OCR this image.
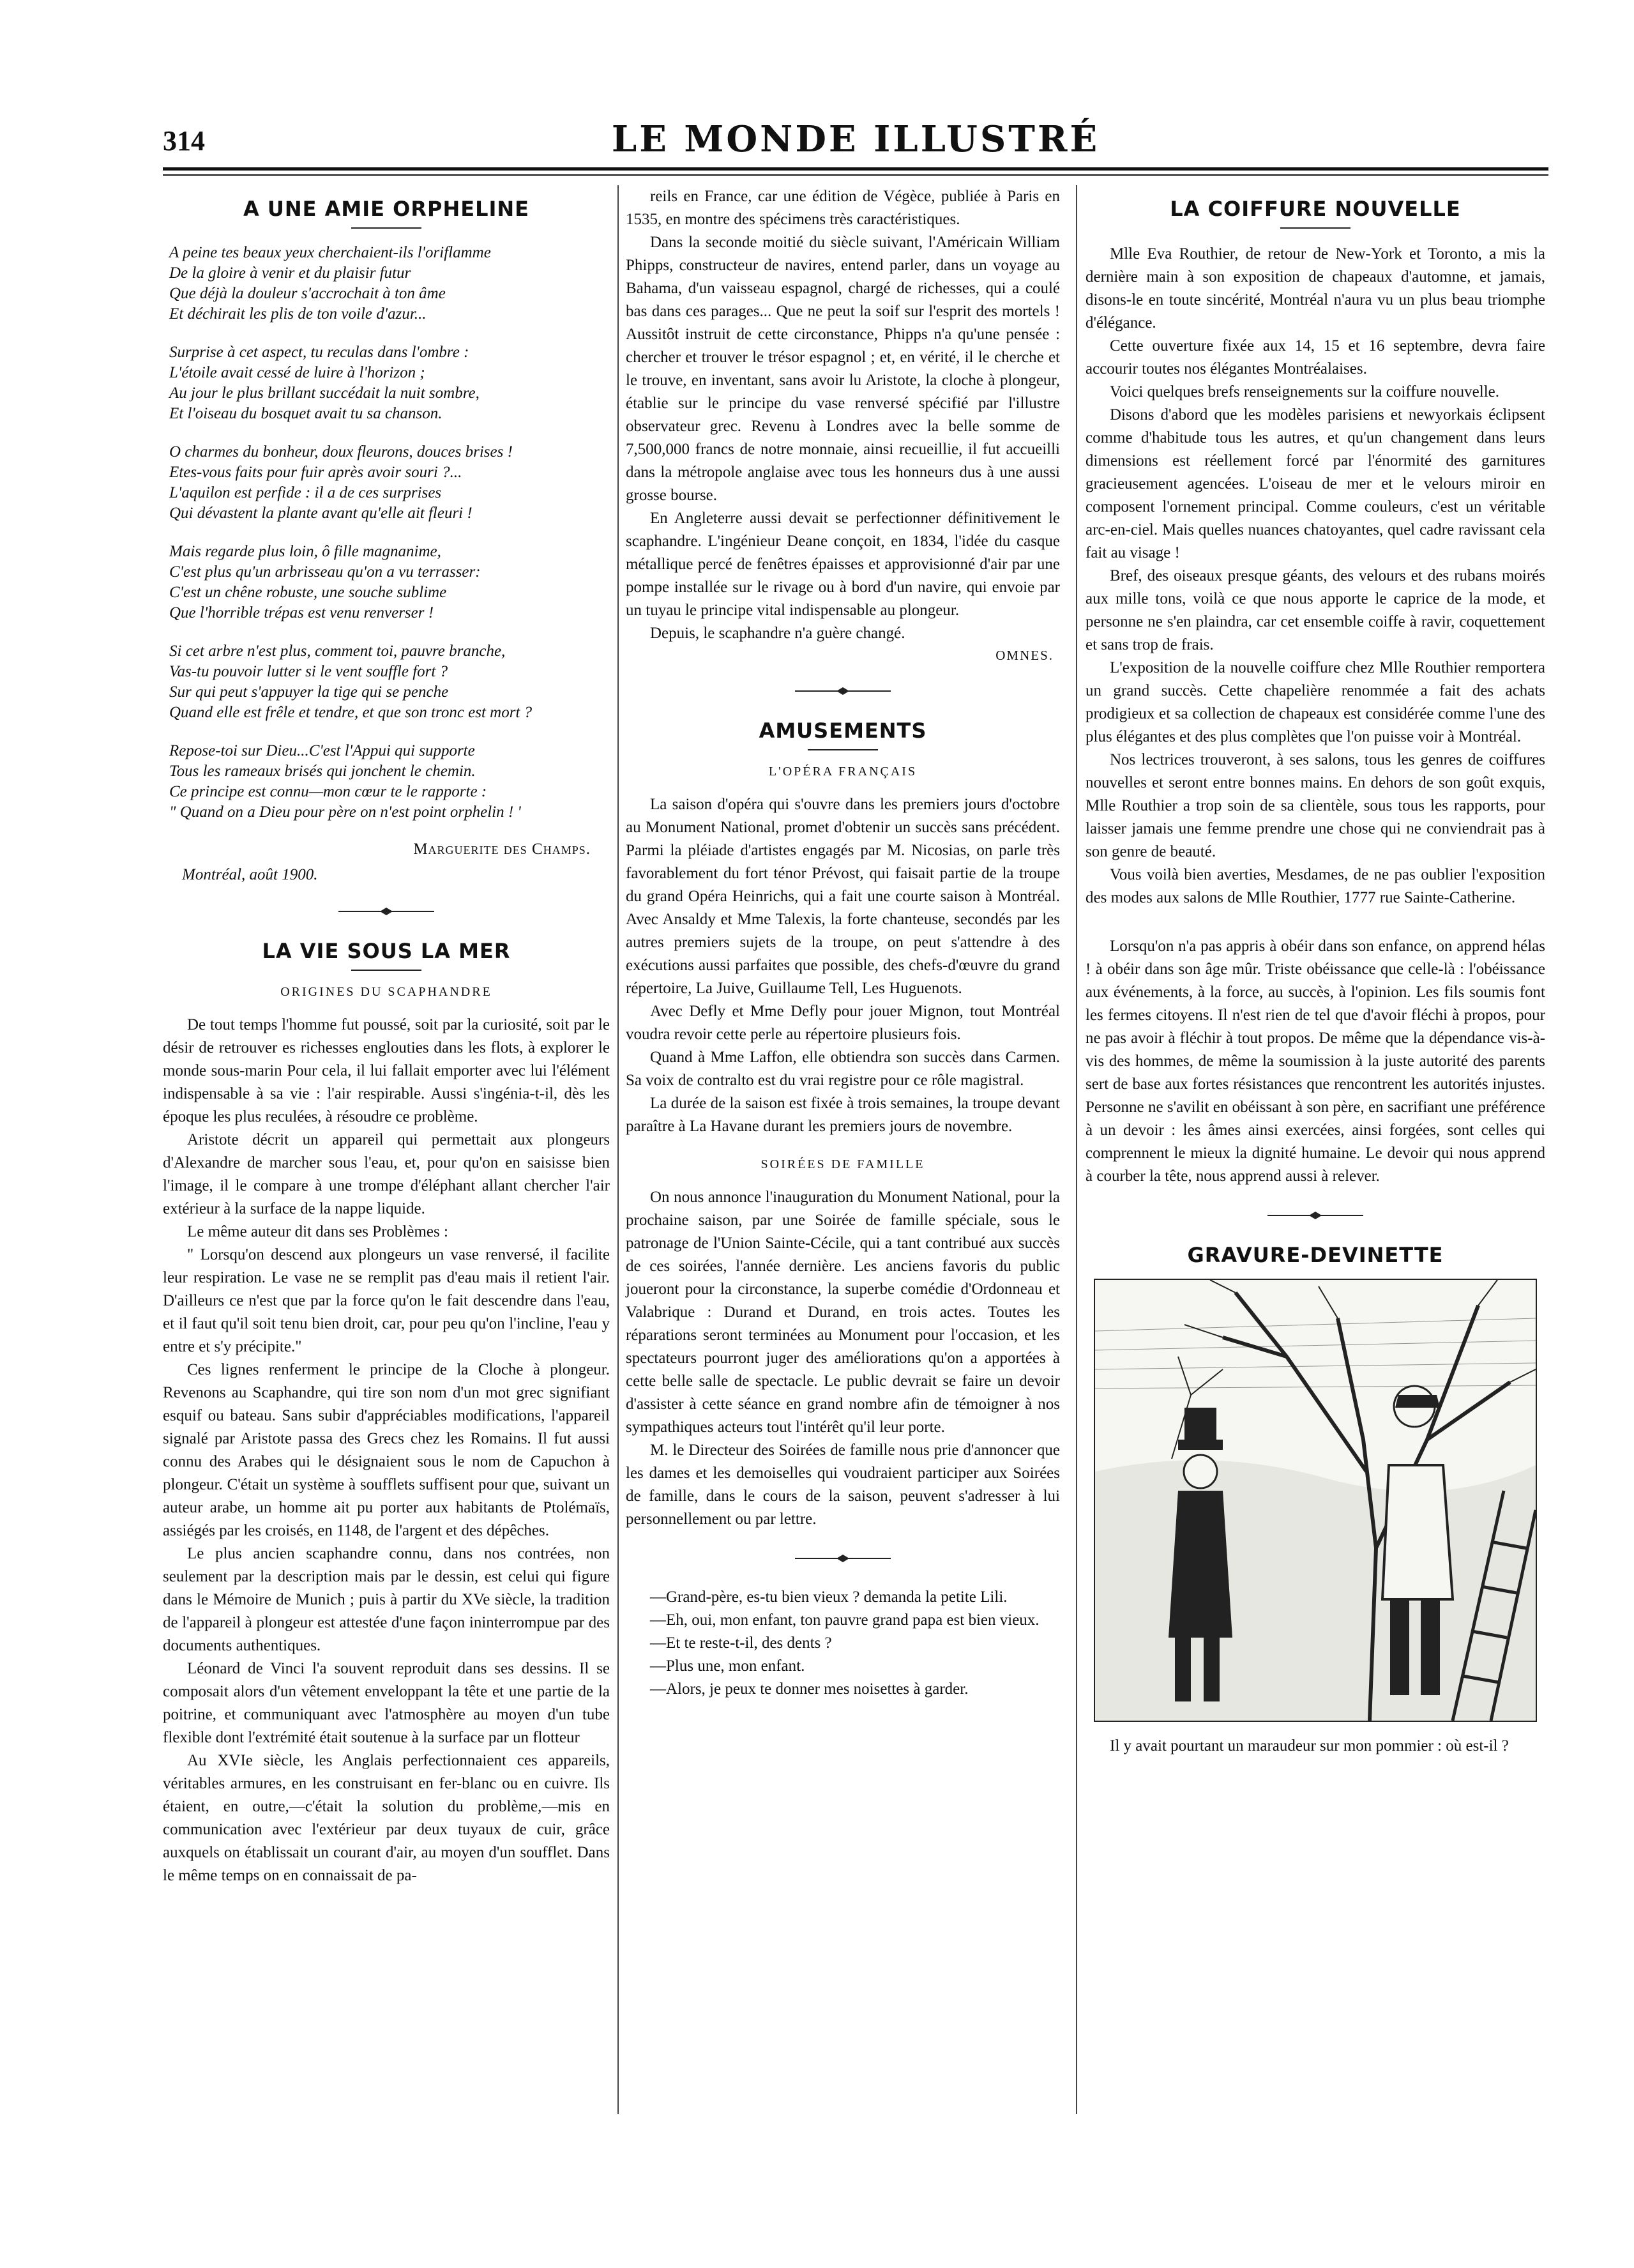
314	LE MONDE ILLUSTRÉ
A UNE AMIE ORPHELINE
A peine tes beaux yeux cherchaient-ils l'oriflamme
De la gloire à venir et du plaisir futur
Que déjà la douleur s'accrochait à ton âme
Et déchirait les plis de ton voile d'azur...
Surprise à cet aspect, tu reculas dans l'ombre :
L'étoile avait cessé de luire à l'horizon ;
Au jour le plus brillant succédait la nuit sombre,
Et l'oiseau du bosquet avait tu sa chanson.
O charmes du bonheur, doux fleurons, douces brises !
Etes-vous faits pour fuir après avoir souri ?...
L'aquilon est perfide : il a de ces surprises
Qui dévastent la plante avant qu'elle ait fleuri !
Mais regarde plus loin, ô fille magnanime,
C'est plus qu'un arbrisseau qu'on a vu terrasser:
C'est un chêne robuste, une souche sublime
Que l'horrible trépas est venu renverser !
Si cet arbre n'est plus, comment toi, pauvre branche,
Vas-tu pouvoir lutter si le vent souffle fort ?
Sur qui peut s'appuyer la tige qui se penche
Quand elle est frêle et tendre, et que son tronc est mort ?
Repose-toi sur Dieu...C'est l'Appui qui supporte
Tous les rameaux brisés qui jonchent le chemin.
Ce principe est connu—mon cœur te le rapporte :
" Quand on a Dieu pour père on n'est point orphelin ! '
Marguerite des Champs.
Montréal, août 1900.
LA VIE SOUS LA MER
ORIGINES DU SCAPHANDRE

De tout temps l'homme fut poussé, soit par la curiosité, soit par le désir de retrouver es richesses englouties dans les flots, à explorer le monde sous-marin Pour cela, il lui fallait emporter avec lui l'élément indispensable à sa vie : l'air respirable. Aussi s'ingénia-t-il, dès les époque les plus reculées, à résoudre ce problème.

Aristote décrit un appareil qui permettait aux plongeurs d'Alexandre de marcher sous l'eau, et, pour qu'on en saisisse bien l'image, il le compare à une trompe d'éléphant allant chercher l'air extérieur à la surface de la nappe liquide.

Le même auteur dit dans ses Problèmes :

" Lorsqu'on descend aux plongeurs un vase renversé, il facilite leur respiration. Le vase ne se remplit pas d'eau mais il retient l'air. D'ailleurs ce n'est que par la force qu'on le fait descendre dans l'eau, et il faut qu'il soit tenu bien droit, car, pour peu qu'on l'incline, l'eau y entre et s'y précipite."

Ces lignes renferment le principe de la Cloche à plongeur. Revenons au Scaphandre, qui tire son nom d'un mot grec signifiant esquif ou bateau. Sans subir d'appréciables modifications, l'appareil signalé par Aristote passa des Grecs chez les Romains. Il fut aussi connu des Arabes qui le désignaient sous le nom de Capuchon à plongeur. C'était un système à soufflets suffisent pour que, suivant un auteur arabe, un homme ait pu porter aux habitants de Ptolémaïs, assiégés par les croisés, en 1148, de l'argent et des dépêches.

Le plus ancien scaphandre connu, dans nos contrées, non seulement par la description mais par le dessin, est celui qui figure dans le Mémoire de Munich ; puis à partir du XVe siècle, la tradition de l'appareil à plongeur est attestée d'une façon ininterrompue par des documents authentiques.

Léonard de Vinci l'a souvent reproduit dans ses dessins. Il se composait alors d'un vêtement enveloppant la tête et une partie de la poitrine, et communiquant avec l'atmosphère au moyen d'un tube flexible dont l'extrémité était soutenue à la surface par un flotteur

Au XVIe siècle, les Anglais perfectionnaient ces appareils, véritables armures, en les construisant en fer-blanc ou en cuivre. Ils étaient, en outre,—c'était la solution du problème,—mis en communication avec l'extérieur par deux tuyaux de cuir, grâce auxquels on établissait un courant d'air, au moyen d'un soufflet. Dans le même temps on en connaissait de pa-

reils en France, car une édition de Végèce, publiée à Paris en 1535, en montre des spécimens très caractéristiques.

Dans la seconde moitié du siècle suivant, l'Américain William Phipps, constructeur de navires, entend parler, dans un voyage au Bahama, d'un vaisseau espagnol, chargé de richesses, qui a coulé bas dans ces parages... Que ne peut la soif sur l'esprit des mortels ! Aussitôt instruit de cette circonstance, Phipps n'a qu'une pensée : chercher et trouver le trésor espagnol ; et, en vérité, il le cherche et le trouve, en inventant, sans avoir lu Aristote, la cloche à plongeur, établie sur le principe du vase renversé spécifié par l'illustre observateur grec. Revenu à Londres avec la belle somme de 7,500,000 francs de notre monnaie, ainsi recueillie, il fut accueilli dans la métropole anglaise avec tous les honneurs dus à une aussi grosse bourse.

En Angleterre aussi devait se perfectionner définitivement le scaphandre. L'ingénieur Deane conçoit, en 1834, l'idée du casque métallique percé de fenêtres épaisses et approvisionné d'air par une pompe installée sur le rivage ou à bord d'un navire, qui envoie par un tuyau le principe vital indispensable au plongeur.

Depuis, le scaphandre n'a guère changé.

OMNES.
AMUSEMENTS
L'OPÉRA FRANÇAIS

La saison d'opéra qui s'ouvre dans les premiers jours d'octobre au Monument National, promet d'obtenir un succès sans précédent. Parmi la pléiade d'artistes engagés par M. Nicosias, on parle très favorablement du fort ténor Prévost, qui faisait partie de la troupe du grand Opéra Heinrichs, qui a fait une courte saison à Montréal. Avec Ansaldy et Mme Talexis, la forte chanteuse, secondés par les autres premiers sujets de la troupe, on peut s'attendre à des exécutions aussi parfaites que possible, des chefs-d'œuvre du grand répertoire, La Juive, Guillaume Tell, Les Huguenots.

Avec Defly et Mme Defly pour jouer Mignon, tout Montréal voudra revoir cette perle au répertoire plusieurs fois.

Quand à Mme Laffon, elle obtiendra son succès dans Carmen. Sa voix de contralto est du vrai registre pour ce rôle magistral.

La durée de la saison est fixée à trois semaines, la troupe devant paraître à La Havane durant les premiers jours de novembre.

SOIRÉES DE FAMILLE

On nous annonce l'inauguration du Monument National, pour la prochaine saison, par une Soirée de famille spéciale, sous le patronage de l'Union Sainte-Cécile, qui a tant contribué aux succès de ces soirées, l'année dernière. Les anciens favoris du public joueront pour la circonstance, la superbe comédie d'Ordonneau et Valabrique : Durand et Durand, en trois actes. Toutes les réparations seront terminées au Monument pour l'occasion, et les spectateurs pourront juger des améliorations qu'on a apportées à cette belle salle de spectacle. Le public devrait se faire un devoir d'assister à cette séance en grand nombre afin de témoigner à nos sympathiques acteurs tout l'intérêt qu'il leur porte.

M. le Directeur des Soirées de famille nous prie d'annoncer que les dames et les demoiselles qui voudraient participer aux Soirées de famille, dans le cours de la saison, peuvent s'adresser à lui personnellement ou par lettre.

—Grand-père, es-tu bien vieux ? demanda la petite Lili.

—Eh, oui, mon enfant, ton pauvre grand papa est bien vieux.

—Et te reste-t-il, des dents ?

—Plus une, mon enfant.

—Alors, je peux te donner mes noisettes à garder.

LA COIFFURE NOUVELLE

Mlle Eva Routhier, de retour de New-York et Toronto, a mis la dernière main à son exposition de chapeaux d'automne, et jamais, disons-le en toute sincérité, Montréal n'aura vu un plus beau triomphe d'élégance.

Cette ouverture fixée aux 14, 15 et 16 septembre, devra faire accourir toutes nos élégantes Montréalaises.

Voici quelques brefs renseignements sur la coiffure nouvelle.

Disons d'abord que les modèles parisiens et newyorkais éclipsent comme d'habitude tous les autres, et qu'un changement dans leurs dimensions est réellement forcé par l'énormité des garnitures gracieusement agencées. L'oiseau de mer et le velours miroir en composent l'ornement principal. Comme couleurs, c'est un véritable arc-en-ciel. Mais quelles nuances chatoyantes, quel cadre ravissant cela fait au visage !

Bref, des oiseaux presque géants, des velours et des rubans moirés aux mille tons, voilà ce que nous apporte le caprice de la mode, et personne ne s'en plaindra, car cet ensemble coiffe à ravir, coquettement et sans trop de frais.

L'exposition de la nouvelle coiffure chez Mlle Routhier remportera un grand succès. Cette chapelière renommée a fait des achats prodigieux et sa collection de chapeaux est considérée comme l'une des plus élégantes et des plus complètes que l'on puisse voir à Montréal.

Nos lectrices trouveront, à ses salons, tous les genres de coiffures nouvelles et seront entre bonnes mains. En dehors de son goût exquis, Mlle Routhier a trop soin de sa clientèle, sous tous les rapports, pour laisser jamais une femme prendre une chose qui ne conviendrait pas à son genre de beauté.

Vous voilà bien averties, Mesdames, de ne pas oublier l'exposition des modes aux salons de Mlle Routhier, 1777 rue Sainte-Catherine.

Lorsqu'on n'a pas appris à obéir dans son enfance, on apprend hélas ! à obéir dans son âge mûr. Triste obéissance que celle-là : l'obéissance aux événements, à la force, au succès, à l'opinion. Les fils soumis font les fermes citoyens. Il n'est rien de tel que d'avoir fléchi à propos, pour ne pas avoir à fléchir à tout propos. De même que la dépendance vis-à-vis des hommes, de même la soumission à la juste autorité des parents sert de base aux fortes résistances que rencontrent les autorités injustes. Personne ne s'avilit en obéissant à son père, en sacrifiant une préférence à un devoir : les âmes ainsi exercées, ainsi forgées, sont celles qui comprennent le mieux la dignité humaine. Le devoir qui nous apprend à courber la tête, nous apprend aussi à relever.

GRAVURE-DEVINETTE
Il y avait pourtant un maraudeur sur mon pommier : où est-il ?
